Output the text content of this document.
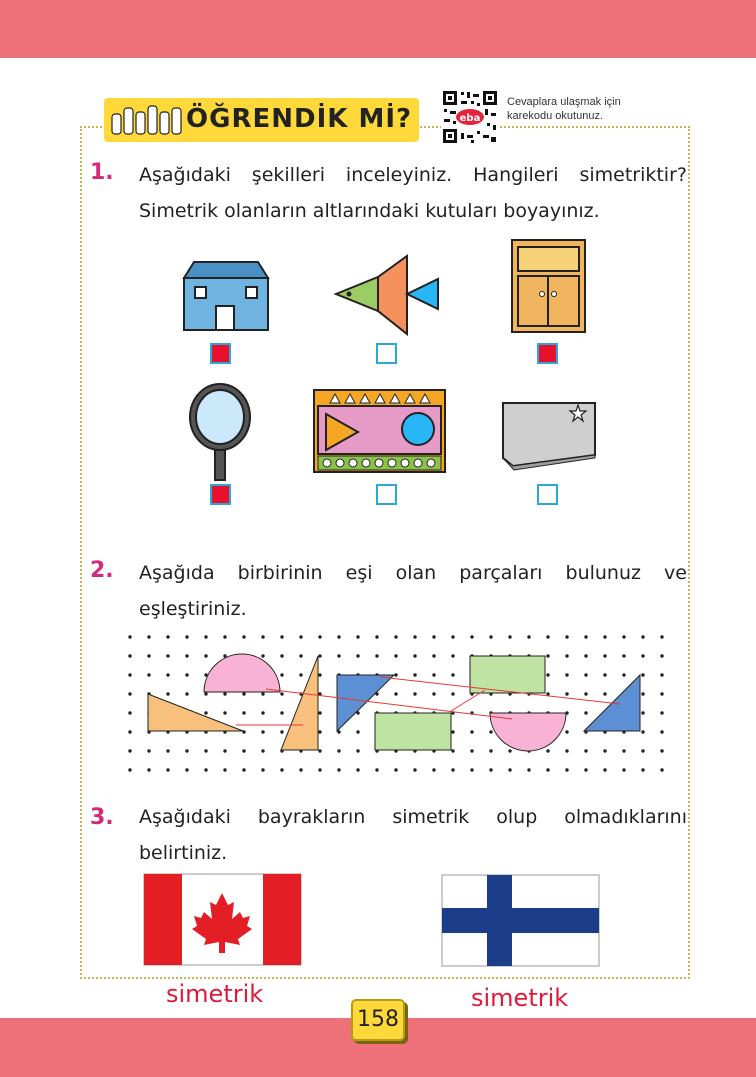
ÖĞRENDİK Mİ?	eba
Cevaplara ulaşmak için karekodu okutunuz.
1. Aşağıdaki şekilleri inceleyiniz. Hangileri simetriktir? Simetrik olanların altlarındaki kutuları boyayınız.
2. Aşağıda birbirinin eşi olan parçaları bulunuz ve eşleştiriniz.
3. Aşağıdaki bayrakların simetrik olup olmadıklarını belirtiniz.
simetrik	simetrik
158
